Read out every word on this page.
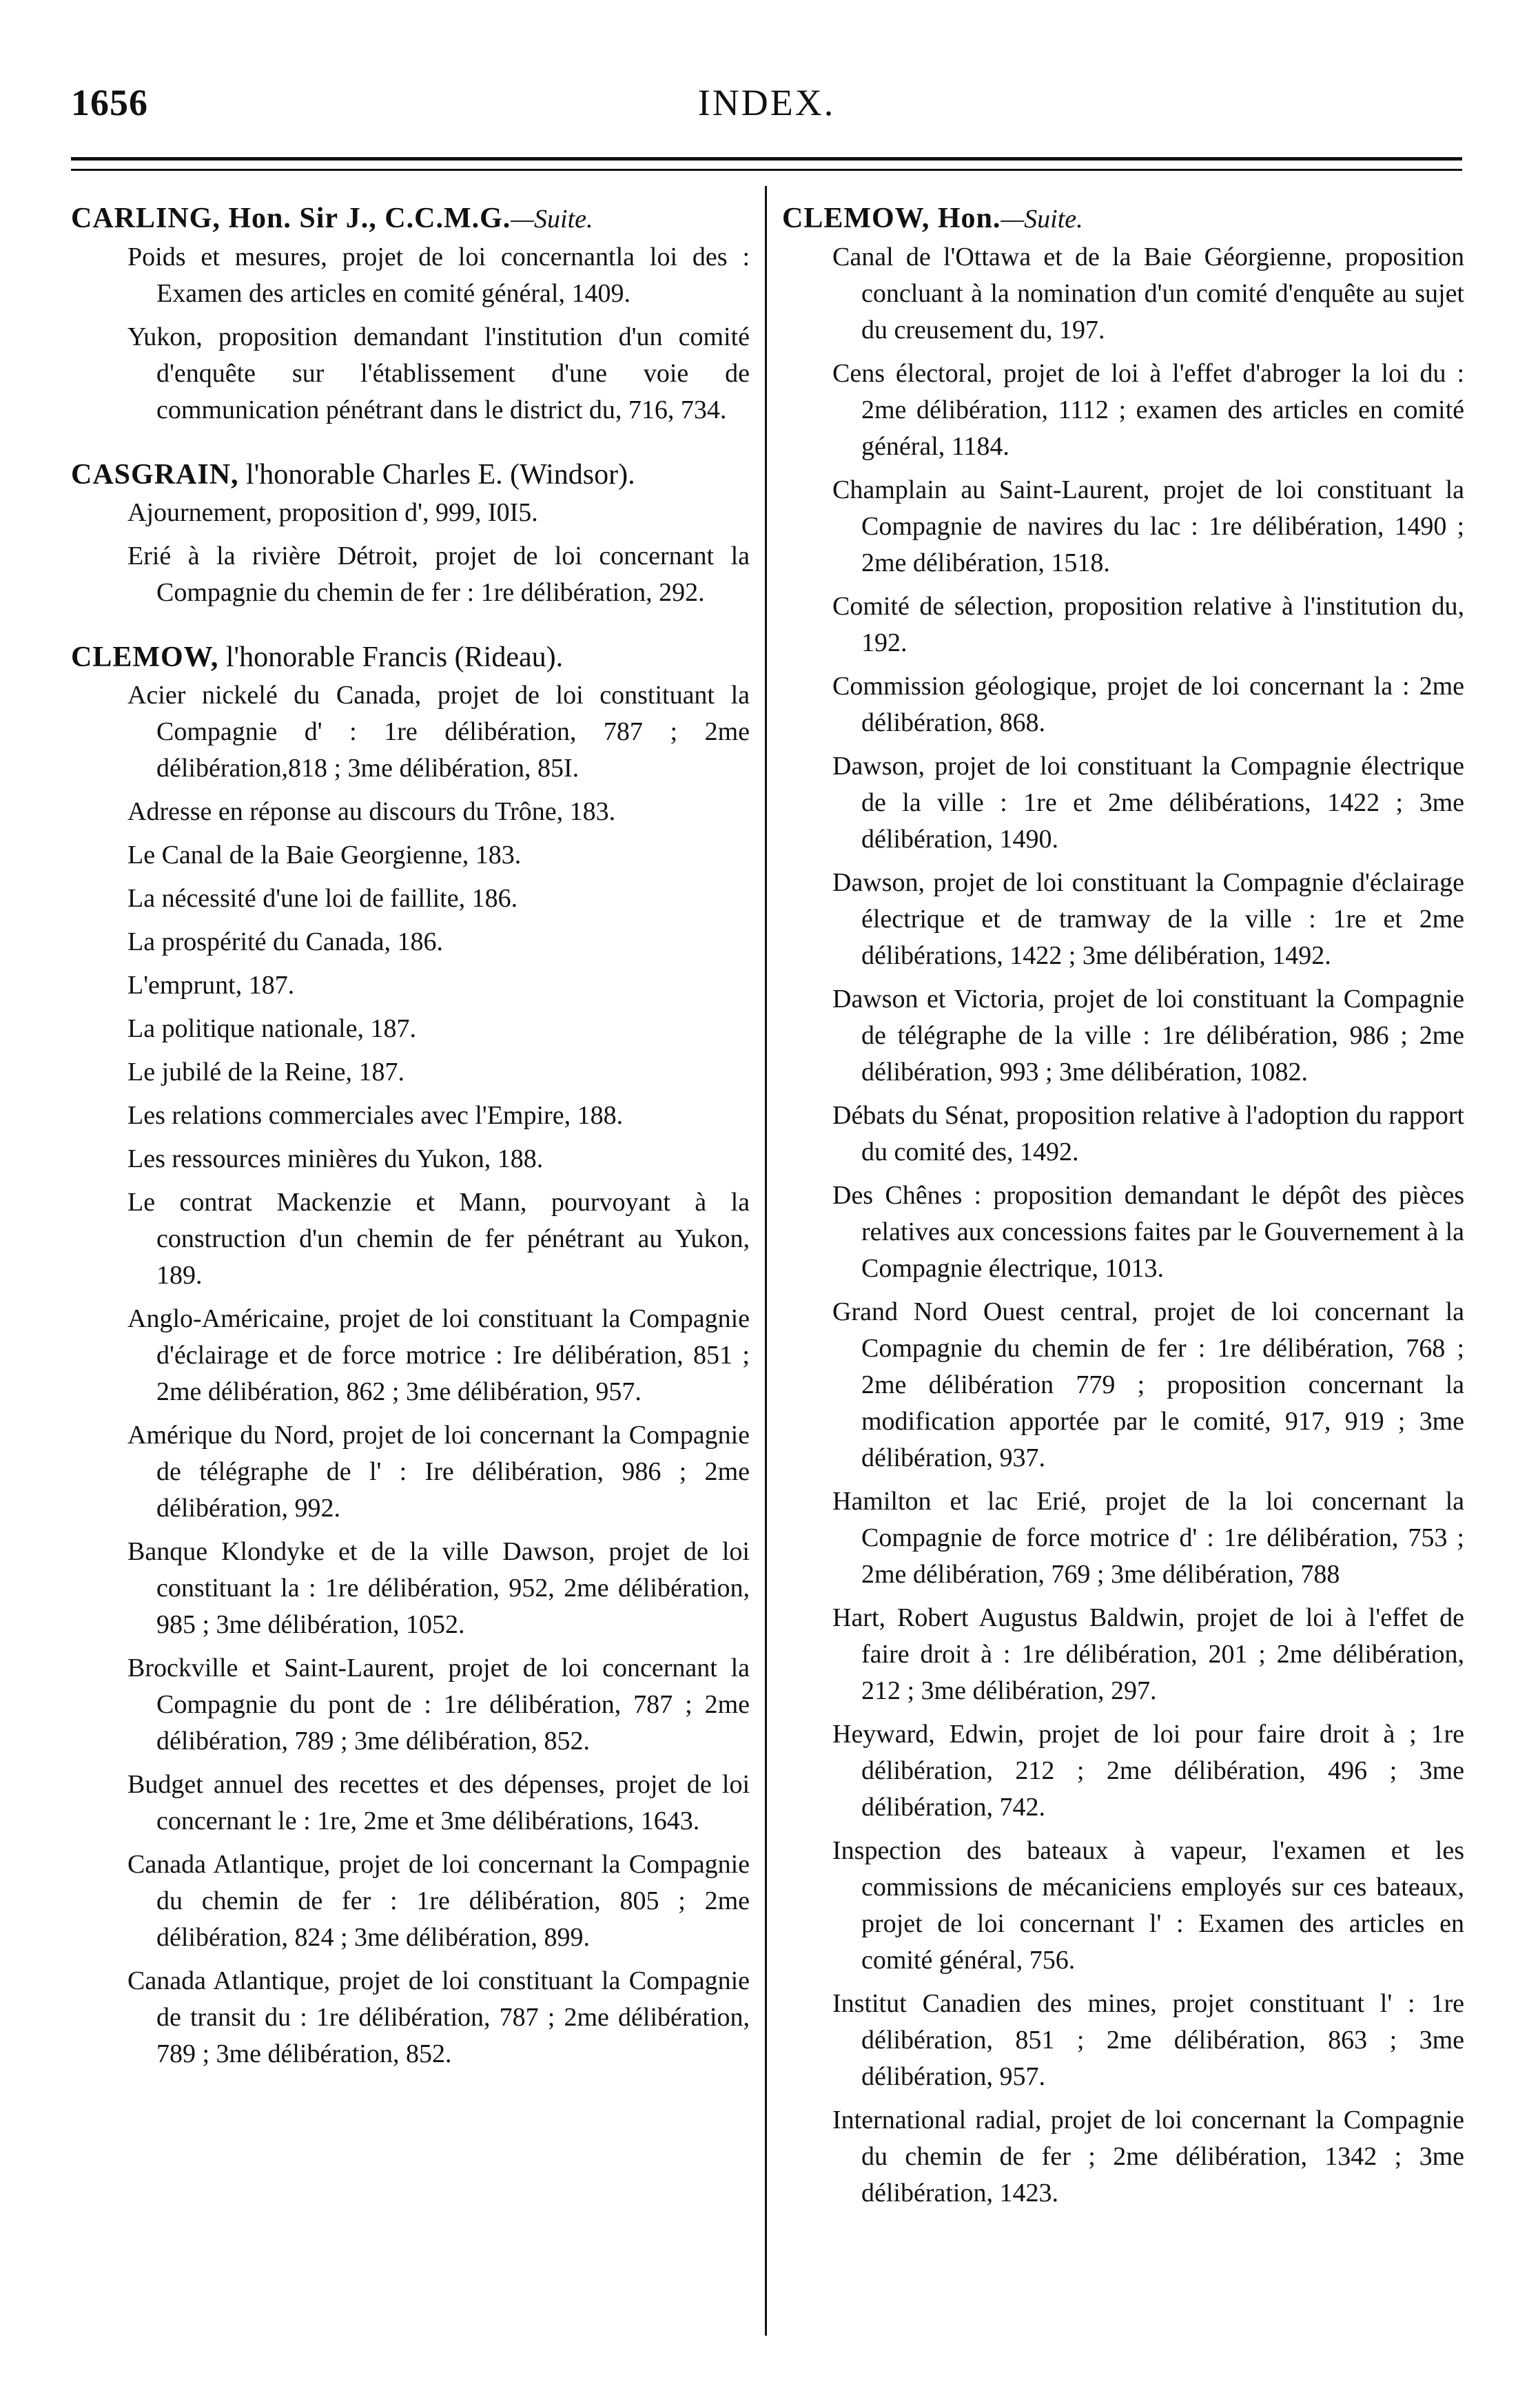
1656	INDEX.
CARLING, Hon. Sir J., C.C.M.G.—Suite.
Poids et mesures, projet de loi concernantla loi des : Examen des articles en comité général, 1409.
Yukon, proposition demandant l'institution d'un comité d'enquête sur l'établissement d'une voie de communication pénétrant dans le district du, 716, 734.
CASGRAIN, l'honorable Charles E. (Windsor).
Ajournement, proposition d', 999, I0I5.
Erié à la rivière Détroit, projet de loi concernant la Compagnie du chemin de fer : 1re délibération, 292.
CLEMOW, l'honorable Francis (Rideau).
Acier nickelé du Canada, projet de loi constituant la Compagnie d' : 1re délibération, 787 ; 2me délibération,818 ; 3me délibération, 85I.
Adresse en réponse au discours du Trône, 183.
Le Canal de la Baie Georgienne, 183.
La nécessité d'une loi de faillite, 186.
La prospérité du Canada, 186.
L'emprunt, 187.
La politique nationale, 187.
Le jubilé de la Reine, 187.
Les relations commerciales avec l'Empire, 188.
Les ressources minières du Yukon, 188.
Le contrat Mackenzie et Mann, pourvoyant à la construction d'un chemin de fer pénétrant au Yukon, 189.
Anglo-Américaine, projet de loi constituant la Compagnie d'éclairage et de force motrice : Ire délibération, 851 ; 2me délibération, 862 ; 3me délibération, 957.
Amérique du Nord, projet de loi concernant la Compagnie de télégraphe de l' : Ire délibération, 986 ; 2me délibération, 992.
Banque Klondyke et de la ville Dawson, projet de loi constituant la : 1re délibération, 952, 2me délibération, 985 ; 3me délibération, 1052.
Brockville et Saint-Laurent, projet de loi concernant la Compagnie du pont de : 1re délibération, 787 ; 2me délibération, 789 ; 3me délibération, 852.
Budget annuel des recettes et des dépenses, projet de loi concernant le : 1re, 2me et 3me délibérations, 1643.
Canada Atlantique, projet de loi concernant la Compagnie du chemin de fer : 1re délibération, 805 ; 2me délibération, 824 ; 3me délibération, 899.
Canada Atlantique, projet de loi constituant la Compagnie de transit du : 1re délibération, 787 ; 2me délibération, 789 ; 3me délibération, 852.
CLEMOW, Hon.—Suite.
Canal de l'Ottawa et de la Baie Géorgienne, proposition concluant à la nomination d'un comité d'enquête au sujet du creusement du, 197.
Cens électoral, projet de loi à l'effet d'abroger la loi du : 2me délibération, 1112 ; examen des articles en comité général, 1184.
Champlain au Saint-Laurent, projet de loi constituant la Compagnie de navires du lac : 1re délibération, 1490 ; 2me délibération, 1518.
Comité de sélection, proposition relative à l'institution du, 192.
Commission géologique, projet de loi concernant la : 2me délibération, 868.
Dawson, projet de loi constituant la Compagnie électrique de la ville : 1re et 2me délibérations, 1422 ; 3me délibération, 1490.
Dawson, projet de loi constituant la Compagnie d'éclairage électrique et de tramway de la ville : 1re et 2me délibérations, 1422 ; 3me délibération, 1492.
Dawson et Victoria, projet de loi constituant la Compagnie de télégraphe de la ville : 1re délibération, 986 ; 2me délibération, 993 ; 3me délibération, 1082.
Débats du Sénat, proposition relative à l'adoption du rapport du comité des, 1492.
Des Chênes : proposition demandant le dépôt des pièces relatives aux concessions faites par le Gouvernement à la Compagnie électrique, 1013.
Grand Nord Ouest central, projet de loi concernant la Compagnie du chemin de fer : 1re délibération, 768 ; 2me délibération 779 ; proposition concernant la modification apportée par le comité, 917, 919 ; 3me délibération, 937.
Hamilton et lac Erié, projet de la loi concernant la Compagnie de force motrice d' : 1re délibération, 753 ; 2me délibération, 769 ; 3me délibération, 788
Hart, Robert Augustus Baldwin, projet de loi à l'effet de faire droit à : 1re délibération, 201 ; 2me délibération, 212 ; 3me délibération, 297.
Heyward, Edwin, projet de loi pour faire droit à ; 1re délibération, 212 ; 2me délibération, 496 ; 3me délibération, 742.
Inspection des bateaux à vapeur, l'examen et les commissions de mécaniciens employés sur ces bateaux, projet de loi concernant l' : Examen des articles en comité général, 756.
Institut Canadien des mines, projet constituant l' : 1re délibération, 851 ; 2me délibération, 863 ; 3me délibération, 957.
International radial, projet de loi concernant la Compagnie du chemin de fer ; 2me délibération, 1342 ; 3me délibération, 1423.
